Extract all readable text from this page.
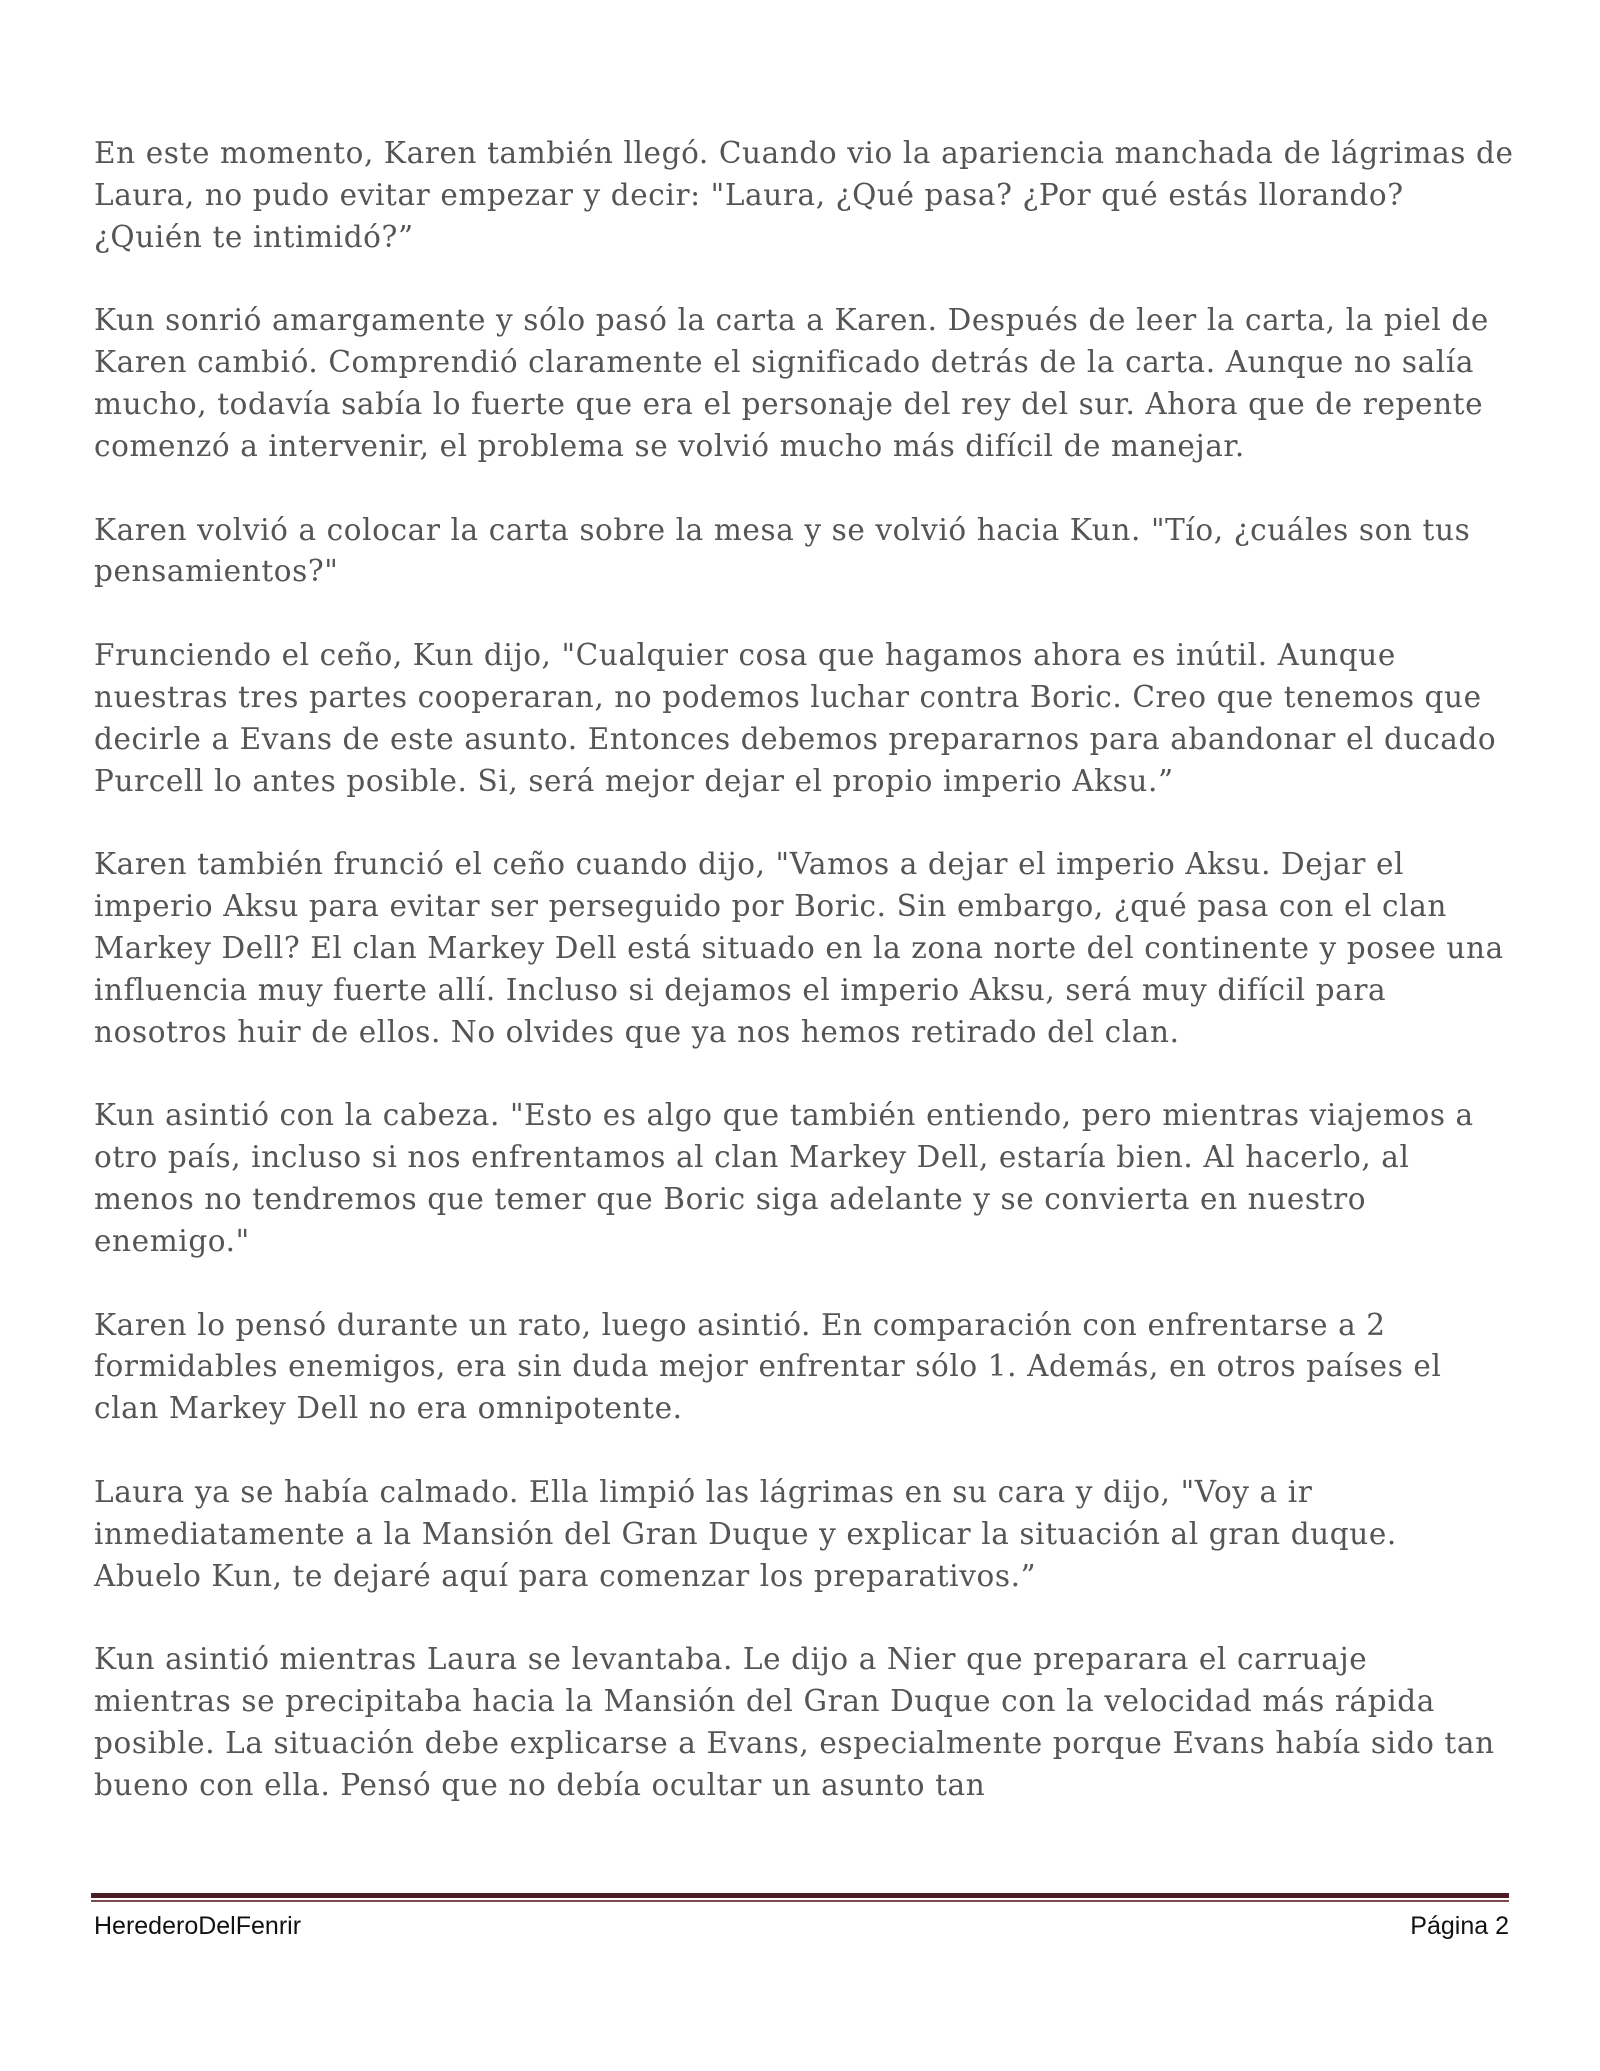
En este momento, Karen también llegó. Cuando vio la apariencia manchada de lágrimas de Laura, no pudo evitar empezar y decir: "Laura, ¿Qué pasa? ¿Por qué estás llorando? ¿Quién te intimidó?”

Kun sonrió amargamente y sólo pasó la carta a Karen. Después de leer la carta, la piel de Karen cambió. Comprendió claramente el significado detrás de la carta. Aunque no salía mucho, todavía sabía lo fuerte que era el personaje del rey del sur. Ahora que de repente comenzó a intervenir, el problema se volvió mucho más difícil de manejar.

Karen volvió a colocar la carta sobre la mesa y se volvió hacia Kun. "Tío, ¿cuáles son tus pensamientos?"

Frunciendo el ceño, Kun dijo, "Cualquier cosa que hagamos ahora es inútil. Aunque nuestras tres partes cooperaran, no podemos luchar contra Boric. Creo que tenemos que decirle a Evans de este asunto. Entonces debemos prepararnos para abandonar el ducado Purcell lo antes posible. Si, será mejor dejar el propio imperio Aksu.”

Karen también frunció el ceño cuando dijo, "Vamos a dejar el imperio Aksu. Dejar el imperio Aksu para evitar ser perseguido por Boric. Sin embargo, ¿qué pasa con el clan Markey Dell? El clan Markey Dell está situado en la zona norte del continente y posee una influencia muy fuerte allí. Incluso si dejamos el imperio Aksu, será muy difícil para nosotros huir de ellos. No olvides que ya nos hemos retirado del clan.

Kun asintió con la cabeza. "Esto es algo que también entiendo, pero mientras viajemos a otro país, incluso si nos enfrentamos al clan Markey Dell, estaría bien. Al hacerlo, al menos no tendremos que temer que Boric siga adelante y se convierta en nuestro enemigo."

Karen lo pensó durante un rato, luego asintió. En comparación con enfrentarse a 2 formidables enemigos, era sin duda mejor enfrentar sólo 1. Además, en otros países el clan Markey Dell no era omnipotente.

Laura ya se había calmado. Ella limpió las lágrimas en su cara y dijo, "Voy a ir inmediatamente a la Mansión del Gran Duque y explicar la situación al gran duque. Abuelo Kun, te dejaré aquí para comenzar los preparativos.”

Kun asintió mientras Laura se levantaba. Le dijo a Nier que preparara el carruaje mientras se precipitaba hacia la Mansión del Gran Duque con la velocidad más rápida posible. La situación debe explicarse a Evans, especialmente porque Evans había sido tan bueno con ella. Pensó que no debía ocultar un asunto tan

HerederoDelFenrir	Página 2
